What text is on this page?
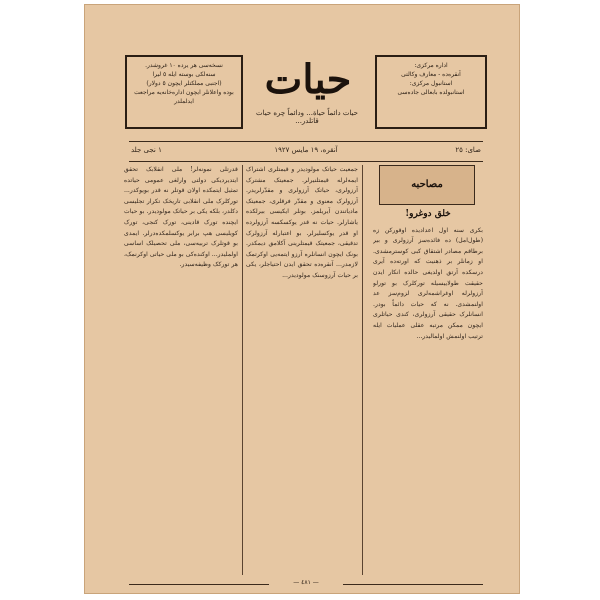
نسخه‌سی هر يرده ١٠ غروشدر.
سنه‌لکی بوسته ايله ٥ ليرا
(اجنبی مملکتلر ايچون ٥ دولار)
بوده واعلانلر ايچون اداره‌خانه‌يه مراجعت ايدلملدر	حيات
حيات دائماً حياة... ودائماً چره حيات قاتلدر...
اداره مرکزی:
آنقره‌ده - معارف وکالتی
استانبول مرکزی:
استانبولده بابعالی جاده‌سی
صای: ٢٥
آنقره، ١٩ مايس ١٩٢٧
١ نجی جلد
مصاحبه
خلق دوغرو!
بکری سنه اول اعدادیده اوقورکن زه (طول‌امل) ده فائده‌سز آرزولری و بیر برطاقم مصادر اشتقاق کبی کوسترمشدی. او زمانلر بر ذهنیت که اورته‌ده آیری درسکده آرتق اولدیغی حالده انکار ایدن حقیقت طولاییسیله تورکلرک بو تورلو آرزولرله اوغراشمه‌لری لزوم‌سز عد اولنمشدی. نه که حیات دائماً بودر. انسانلرک حقیقی آرزولری، کندی حیاتلری ایچون ممکن مرتبه عقلی عملیات ایله ترتیب اولنمش اولمالیدر...
جمعیت حیاتک مولودیدر و قیمتلری اشتراک ایمه‌لرله قیمتلنیرلر. جمعیتک مشترک آرزولری، حیاتک آرزولری و مقدّرلریدر. آرزولرک معنوی و مقدّر فرقلری، جمعیتک مادیاتندن آیریلمز. بونلر ایکیسی بیرلکده یاشارلر. حیات نه قدر یوکسکسه آرزولرده او قدر یوکسلیرلر. بو اعتبارله آرزولرک تدقیقی، جمعیتک قیمتلرینی آکلامق دیمکدر. بونک ایچون انسانلره آرزو ایتمه‌یی اوکرتمک لازمدر... آنقره‌ده تحقق ایدن احتیاجلر، یکی بر حیات آرزوسنک مولودیدر...
قدرتلی نمونه‌لر! ملی انقلابک تحقق ایتدیردیکی دولتی وارلغی عمومی حیاتده تمثیل ایتمکده اولان قوتلر نه قدر بویوکدر... تورکلرک ملی انقلابی تاریخک تکرار تجلیسی دکلدر، بلکه یکی بر حیاتک مولودیدر. بو حیات ایچنده تورک قادینی، تورک کنجی، تورک کویلیسی هپ برابر یوکسلمکده‌درلر. ایمدی بو قوتلرک تربیه‌سی، ملی تحصیلک اساسی اولملیدر... اوکنده‌کی بو ملی حیاتی اوکرنمک، هر تورکک وظیفه‌سیدر.
— ٤٨١ —
